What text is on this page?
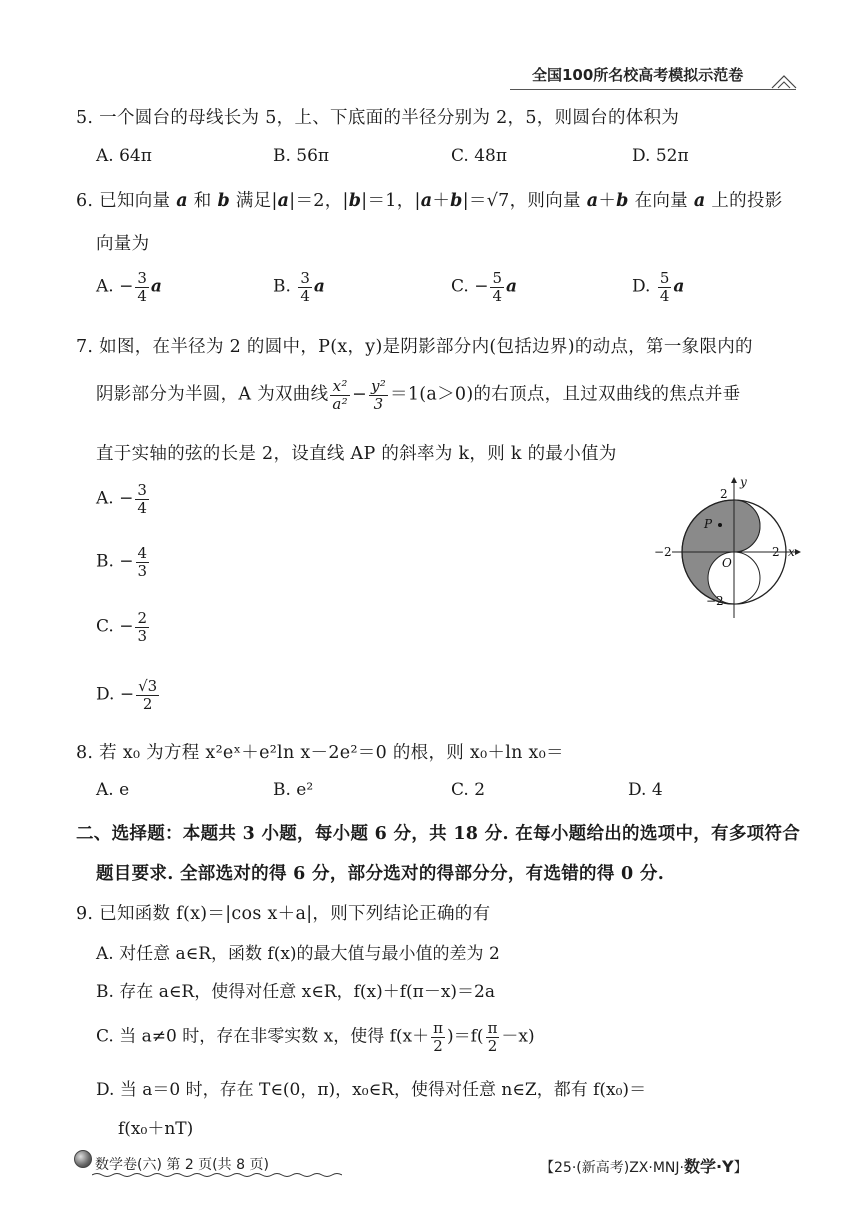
全国100所名校高考模拟示范卷
5. 一个圆台的母线长为 5，上、下底面的半径分别为 2，5，则圆台的体积为
A. 64π	B. 56π	C. 48π	D. 52π
6. 已知向量 a 和 b 满足|a|＝2，|b|＝1，|a＋b|＝√7，则向量 a＋b 在向量 a 上的投影
向量为
A. − $\frac{3}{4}$ a	B. $\frac{3}{4}$ a	C. − $\frac{5}{4}$ a	D. $\frac{5}{4}$ a
7. 如图，在半径为 2 的圆中，P(x，y)是阴影部分内(包括边界)的动点，第一象限内的
阴影部分为半圆，A 为双曲线 $\frac{\text{x²}}{\text{a²}} - \frac{\text{y²}}{3} =1(a>0)$的右顶点，且过双曲线的焦点并垂
直于实轴的弦的长是 2，设直线 AP 的斜率为 k，则 k 的最小值为
A. − $\frac{3}{4}$
B. − $\frac{4}{3}$
C. − $\frac{2}{3}$
D. − $\frac{√3}{2}$
P
y
x
2
−2
−2	2
O
8. 若 x₀ 为方程 x²eˣ＋e²ln x－2e²＝0 的根，则 x₀＋ln x₀＝
A. e	B. e²	C. 2	D. 4
二、选择题：本题共 3 小题，每小题 6 分，共 18 分. 在每小题给出的选项中，有多项符合
题目要求. 全部选对的得 6 分，部分选对的得部分分，有选错的得 0 分.
9. 已知函数 f(x)＝|cos x＋a|，则下列结论正确的有
A. 对任意 a∈R，函数 f(x)的最大值与最小值的差为 2
B. 存在 a∈R，使得对任意 x∈R，f(x)＋f(π－x)＝2a
C. 当 a≠0 时，存在非零实数 x，使得 $f(x+ \frac{\pi}{2} )=f( \frac{\pi}{2} -x)$
D. 当 a＝0 时，存在 T∈(0，π)，x₀∈R，使得对任意 n∈Z，都有 f(x₀)＝
f(x₀＋nT)
数学卷(六) 第 2 页(共 8 页)	【25·(新高考)ZX·MNJ·数学·Y】
